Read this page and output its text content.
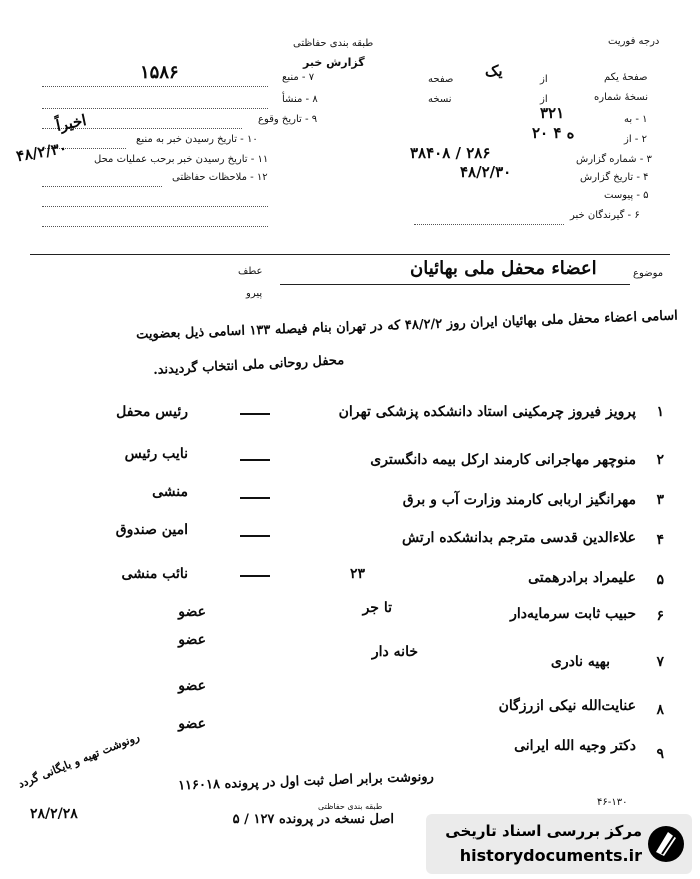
طبقه بندی حفاظتی
گزارش خبر
درجه فوریت
۷ - منبع
۱۵۸۶
۸ - منشأ
۹ - تاریخ وقوع
اخیراً
۱۰ - تاریخ رسیدن خبر به منبع
۱۱ - تاریخ رسیدن خبر برحب عملیات محل
۴۸/۲/۳۰
۱۲ - ملاحظات حفاظتی
صفحهٔ یکم
از
یک
صفحه
نسخهٔ شماره
از
نسخه
۱ - به
۳۲۱
۲ - از
۲۰ ه ۴
۳ - شماره گزارش
۳۸۴۰۸ / ۲۸۶
۴ - تاریخ گزارش
۴۸/۲/۳۰
۵ - پیوست
۶ - گیرندگان خبر
موضوع
اعضاء محفل ملی بهائیان
عطف
پیرو
اسامی اعضاء محفل ملی بهائیان ایران روز ۴۸/۲/۲ که در تهران بنام فیصله ۱۳۳ اسامی ذیل بعضویت
محفل روحانی ملی انتخاب گردیدند.
۱
پرویز فیروز چرمکینی استاد دانشکده پزشکی تهران
رئیس محفل
۲
منوچهر مهاجرانی کارمند ارکل بیمه دانگستری
نایب رئیس
۳
مهرانگیز اربابی کارمند وزارت آب و برق
منشی
۴
علاءالدین قدسی مترجم بدانشکده ارتش
امین صندوق
۵
علیمراد برادرهمتی
۲۳
نائب منشی
۶
حبیب ثابت سرمایه‌دار
تا جر
عضو
۷
بهیه نادری
خانه دار
عضو
۸
عنایت‌الله نیکی ازرزگان
عضو
۹
دکتر وجیه الله ایرانی
عضو
رونوشت برابر اصل ثبت اول در پرونده ۱۱۶۰۱۸
اصل نسخه در پرونده ۱۲۷ / ۵
رونوشت تهیه و بایگانی گردد
۲۸/۲/۲۸	طبقه بندی حفاظتی	۴۶-۱۳۰
مرکز بررسی اسناد تاریخی
historydocuments.ir
